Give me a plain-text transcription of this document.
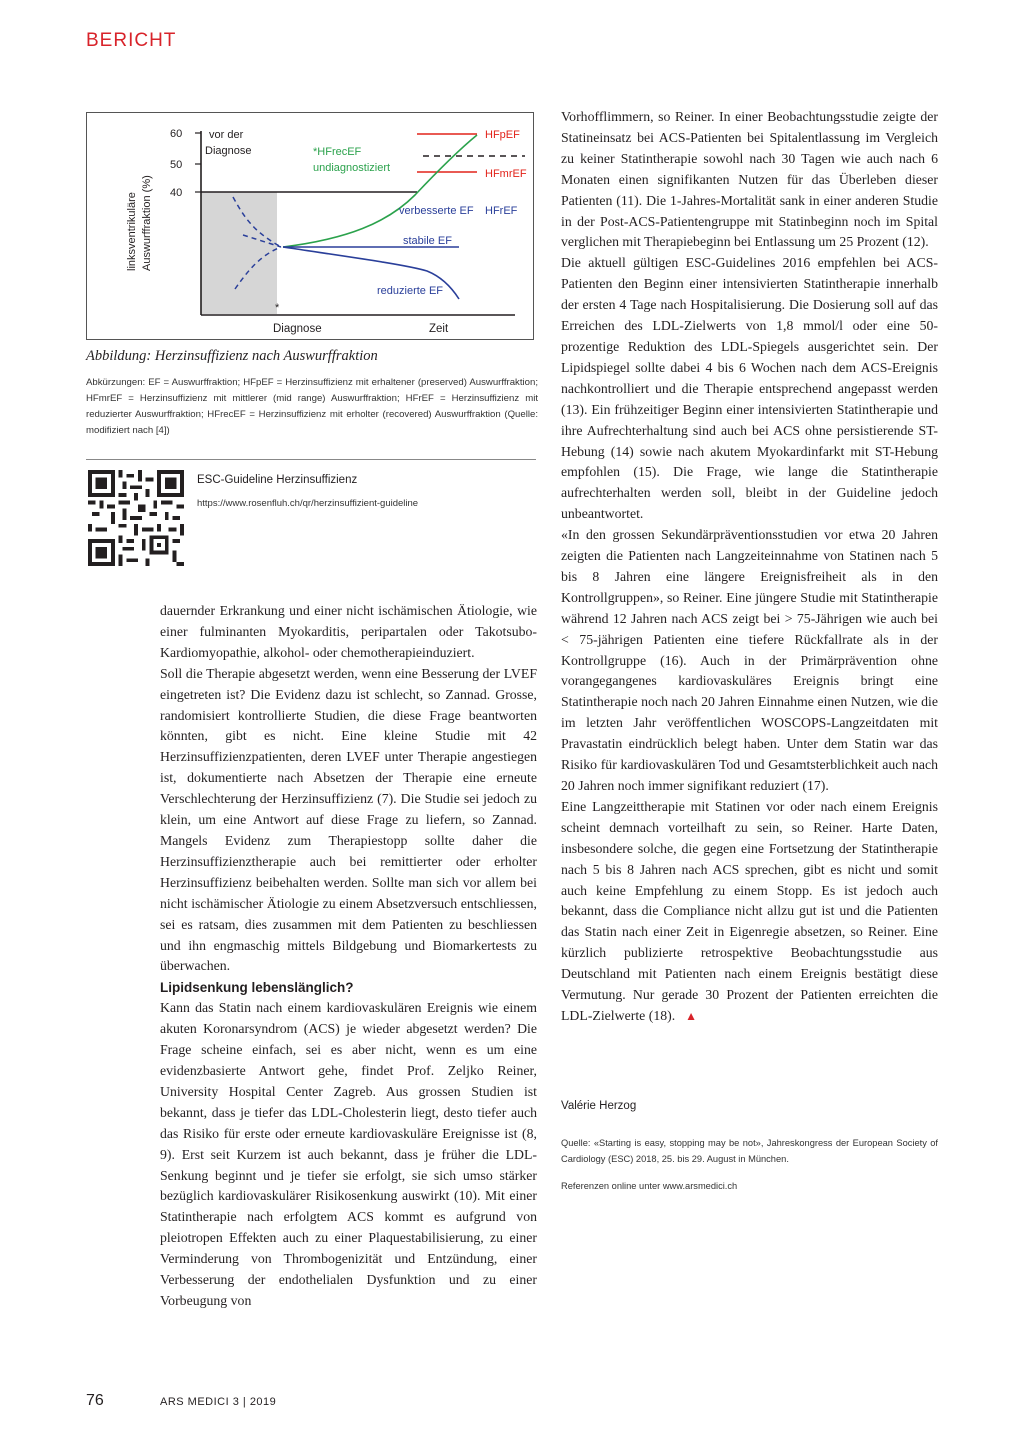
BERICHT
linksventrikuläre Auswurffraktion (%)
60
50
40
vor der
Diagnose	*HFrecEF
undiagnostiziert
HFpEF
HFmrEF
verbesserte EF HFrEF
stabile EF
reduzierte EF
*
Diagnose	Zeit
Abbildung: Herzinsuffizienz nach Auswurffraktion
Abkürzungen: EF = Auswurffraktion; HFpEF = Herzinsuffizienz mit erhaltener (preserved) Auswurffraktion; HFmrEF = Herzinsuffizienz mit mittlerer (mid range) Auswurffraktion; HFrEF = Herzinsuffizienz mit reduzierter Auswurffraktion; HFrecEF = Herzinsuffizienz mit erholter (recovered) Auswurffraktion (Quelle: modifiziert nach [4])
ESC-Guideline Herzinsuffizienz
https://www.rosenfluh.ch/qr/herzinsuffizient-guideline

dauernder Erkrankung und einer nicht ischämischen Ätiologie, wie einer fulminanten Myokarditis, peripartalen oder Takotsubo-Kardiomyopathie, alkohol- oder chemotherapieinduziert.

Soll die Therapie abgesetzt werden, wenn eine Besserung der LVEF eingetreten ist? Die Evidenz dazu ist schlecht, so Zannad. Grosse, randomisiert kontrollierte Studien, die diese Frage beantworten könnten, gibt es nicht. Eine kleine Studie mit 42 Herzinsuffizienzpatienten, deren LVEF unter Therapie angestiegen ist, dokumentierte nach Absetzen der Therapie eine erneute Verschlechterung der Herzinsuffizienz (7). Die Studie sei jedoch zu klein, um eine Antwort auf diese Frage zu liefern, so Zannad. Mangels Evidenz zum Therapiestopp sollte daher die Herzinsuffizienztherapie auch bei remittierter oder erholter Herzinsuffizienz beibehalten werden. Sollte man sich vor allem bei nicht ischämischer Ätiologie zu einem Absetzversuch entschliessen, sei es ratsam, dies zusammen mit dem Patienten zu beschliessen und ihn engmaschig mittels Bildgebung und Biomarkertests zu überwachen.

Lipidsenkung lebenslänglich?

Kann das Statin nach einem kardiovaskulären Ereignis wie einem akuten Koronarsyndrom (ACS) je wieder abgesetzt werden? Die Frage scheine einfach, sei es aber nicht, wenn es um eine evidenzbasierte Antwort gehe, findet Prof. Zeljko Reiner, University Hospital Center Zagreb. Aus grossen Studien ist bekannt, dass je tiefer das LDL-Cholesterin liegt, desto tiefer auch das Risiko für erste oder erneute kardiovaskuläre Ereignisse ist (8, 9). Erst seit Kurzem ist auch bekannt, dass je früher die LDL-Senkung beginnt und je tiefer sie erfolgt, sie sich umso stärker bezüglich kardiovaskulärer Risikosenkung auswirkt (10). Mit einer Statintherapie nach erfolgtem ACS kommt es aufgrund von pleiotropen Effekten auch zu einer Plaquestabilisierung, zu einer Verminderung von Thrombogenizität und Entzündung, einer Verbesserung der endothelialen Dysfunktion und zu einer Vorbeugung von

Vorhofflimmern, so Reiner. In einer Beobachtungsstudie zeigte der Statineinsatz bei ACS-Patienten bei Spitalentlassung im Vergleich zu keiner Statintherapie sowohl nach 30 Tagen wie auch nach 6 Monaten einen signifikanten Nutzen für das Überleben dieser Patienten (11). Die 1-Jahres-Mortalität sank in einer anderen Studie in der Post-ACS-Patientengruppe mit Statinbeginn noch im Spital verglichen mit Therapiebeginn bei Entlassung um 25 Prozent (12).

Die aktuell gültigen ESC-Guidelines 2016 empfehlen bei ACS-Patienten den Beginn einer intensivierten Statintherapie innerhalb der ersten 4 Tage nach Hospitalisierung. Die Dosierung soll auf das Erreichen des LDL-Zielwerts von 1,8 mmol/l oder eine 50-prozentige Reduktion des LDL-Spiegels ausgerichtet sein. Der Lipidspiegel sollte dabei 4 bis 6 Wochen nach dem ACS-Ereignis nachkontrolliert und die Therapie entsprechend angepasst werden (13). Ein frühzeitiger Beginn einer intensivierten Statintherapie und ihre Aufrechterhaltung sind auch bei ACS ohne persistierende ST-Hebung (14) sowie nach akutem Myokardinfarkt mit ST-Hebung empfohlen (15). Die Frage, wie lange die Statintherapie aufrechterhalten werden soll, bleibt in der Guideline jedoch unbeantwortet.

«In den grossen Sekundärpräventionsstudien vor etwa 20 Jahren zeigten die Patienten nach Langzeiteinnahme von Statinen nach 5 bis 8 Jahren eine längere Ereignisfreiheit als in den Kontrollgruppen», so Reiner. Eine jüngere Studie mit Statintherapie während 12 Jahren nach ACS zeigt bei > 75-Jährigen wie auch bei < 75-jährigen Patienten eine tiefere Rückfallrate als in der Kontrollgruppe (16). Auch in der Primärprävention ohne vorangegangenes kardiovaskuläres Ereignis bringt eine Statintherapie noch nach 20 Jahren Einnahme einen Nutzen, wie die im letzten Jahr veröffentlichen WOSCOPS-Langzeitdaten mit Pravastatin eindrücklich belegt haben. Unter dem Statin war das Risiko für kardiovaskulären Tod und Gesamtsterblichkeit auch nach 20 Jahren noch immer signifikant reduziert (17).

Eine Langzeittherapie mit Statinen vor oder nach einem Ereignis scheint demnach vorteilhaft zu sein, so Reiner. Harte Daten, insbesondere solche, die gegen eine Fortsetzung der Statintherapie nach 5 bis 8 Jahren nach ACS sprechen, gibt es nicht und somit auch keine Empfehlung zu einem Stopp. Es ist jedoch auch bekannt, dass die Compliance nicht allzu gut ist und die Patienten das Statin nach einer Zeit in Eigenregie absetzen, so Reiner. Eine kürzlich publizierte retrospektive Beobachtungsstudie aus Deutschland mit Patienten nach einem Ereignis bestätigt diese Vermutung. Nur gerade 30 Prozent der Patienten erreichten die LDL-Zielwerte (18). ▲

Valérie Herzog
Quelle: «Starting is easy, stopping may be not», Jahreskongress der European Society of Cardiology (ESC) 2018, 25. bis 29. August in München.
Referenzen online unter www.arsmedici.ch
76	ARS MEDICI 3 | 2019
